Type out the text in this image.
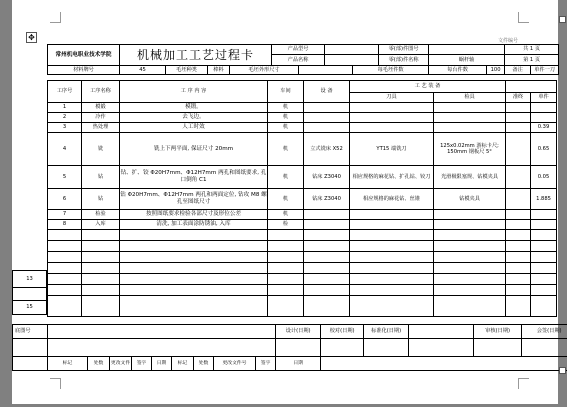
文件编号
✥
常州机电职业技术学院	机械加工工艺过程卡				产品型号				零(部)件图号			共 1 页	
					产品名称				零(部)件名称	蜗杆轴		第 1 页	
材料牌号	45	毛坯种类	棒料	毛坯外形尺寸				每毛坯件数		每台件数	100	备注	单件一刀
工序号	工序名称	工 序 内 容	车间	设 备	工 艺 装 备			
					刀具	检具	准终	单件
1	模锻	模锻。	机					
2	冷作	去飞边。	机					
3	热处理	人工时效	机					0.39
4	铣	铣上下两平面, 保证尺寸 20mm	机	立式铣床 X52	YT15 端铣刀	125x0.02mm 游标卡尺; 150mm 钢板尺 5°		0.65
5	钻	钻、扩、铰 Φ20H7mm、Φ12H7mm 两孔和图纸要求, 孔口倒角 C1	机	钻床 Z3040	相应规格的麻花钻、扩孔钻、铰刀	光滑极限塞规、钻模夹具		0.05
6	钻	钻 Φ20H7mm、Φ12H7mm 两孔和两面定位, 钻攻 M8 螺孔至图纸尺寸	机	钻床 Z3040	相应规格的麻花钻、丝锥	钻模夹具		1.885
7	检验	按照图纸要求检验各部尺寸及形位公差	机					
8	入库	清洗, 加工表面涂防锈油, 入库	检					

13

15
底图号										设计(日期)	校对(日期)	标准化(日期)		审核(日期)	会签(日期)

	标记	处数	更改文件	签字	日期	标记	处数	更改文件号	签字	日期					
